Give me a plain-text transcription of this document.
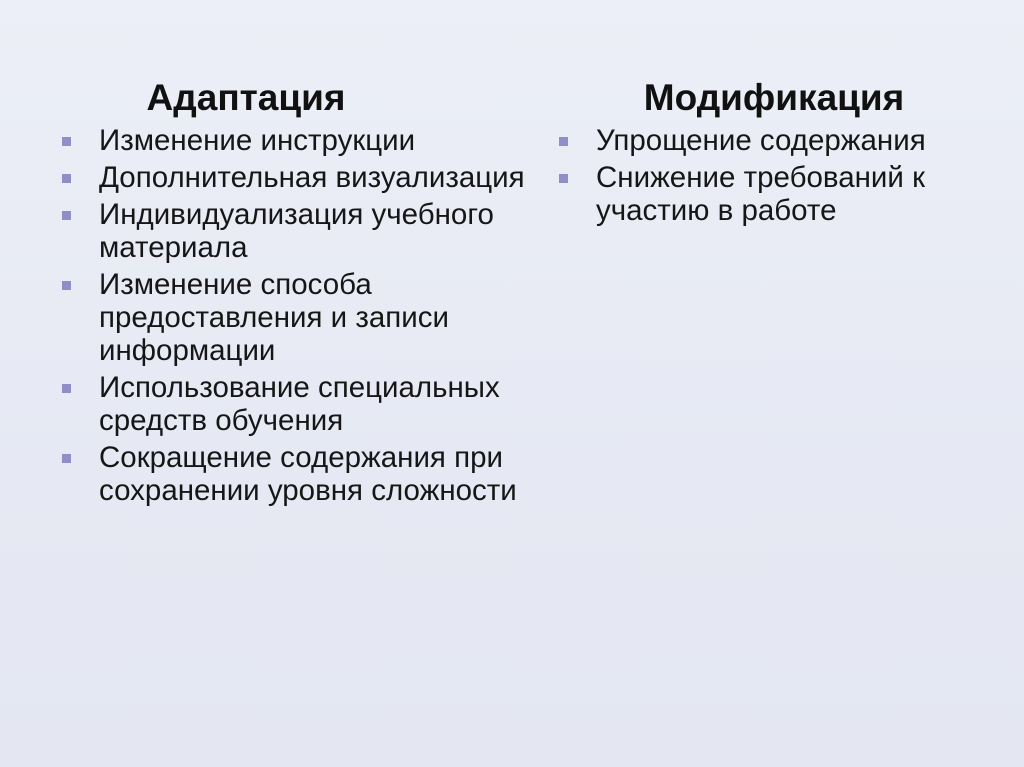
Адаптация
Изменение инструкции
Дополнительная визуализация
Индивидуализация учебного материала
Изменение способа предоставления и записи информации
Использование специальных средств обучения
Сокращение содержания при сохранении уровня сложности
Модификация
Упрощение содержания
Снижение требований к участию в работе
